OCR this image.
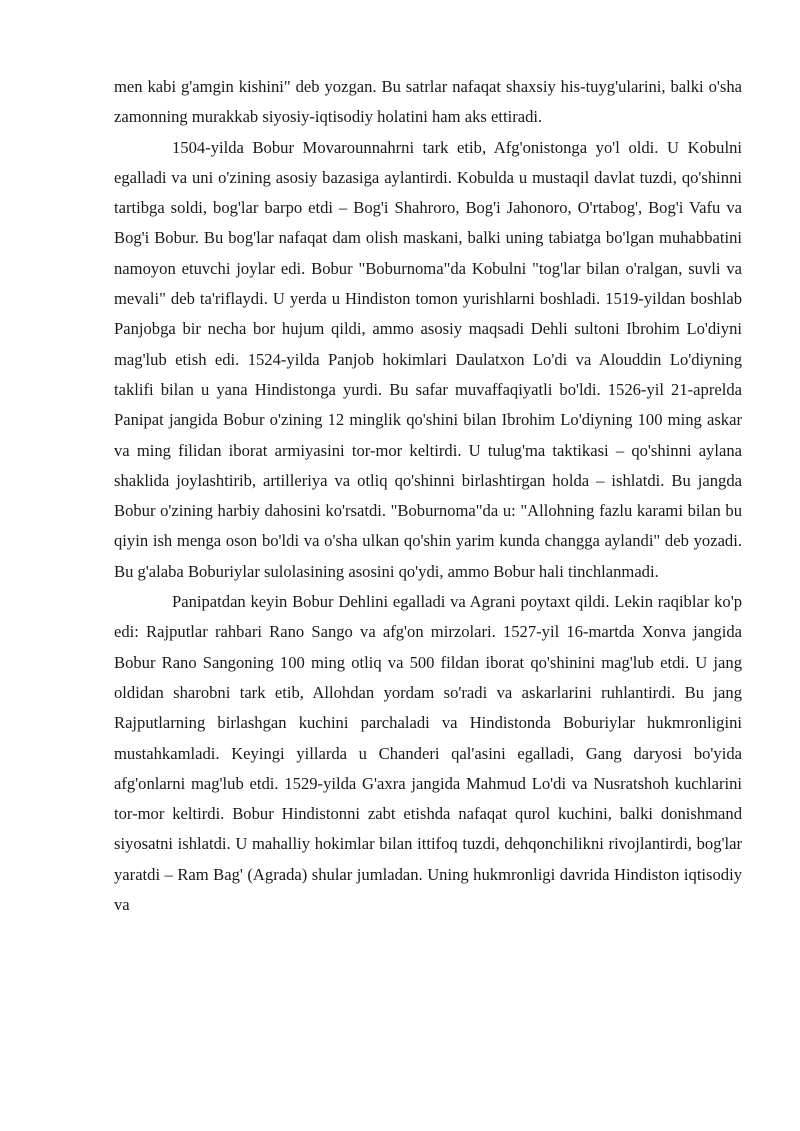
men kabi g'amgin kishini" deb yozgan. Bu satrlar nafaqat shaxsiy his-tuyg'ularini, balki o'sha zamonning murakkab siyosiy-iqtisodiy holatini ham aks ettiradi.

1504-yilda Bobur Movarounnahrni tark etib, Afg'onistonga yo'l oldi. U Kobulni egalladi va uni o'zining asosiy bazasiga aylantirdi. Kobulda u mustaqil davlat tuzdi, qo'shinni tartibga soldi, bog'lar barpo etdi – Bog'i Shahroro, Bog'i Jahonoro, O'rtabog', Bog'i Vafu va Bog'i Bobur. Bu bog'lar nafaqat dam olish maskani, balki uning tabiatga bo'lgan muhabbatini namoyon etuvchi joylar edi. Bobur "Boburnoma"da Kobulni "tog'lar bilan o'ralgan, suvli va mevali" deb ta'riflaydi. U yerda u Hindiston tomon yurishlarni boshladi. 1519-yildan boshlab Panjobga bir necha bor hujum qildi, ammo asosiy maqsadi Dehli sultoni Ibrohim Lo'diyni mag'lub etish edi. 1524-yilda Panjob hokimlari Daulatxon Lo'di va Alouddin Lo'diyning taklifi bilan u yana Hindistonga yurdi. Bu safar muvaffaqiyatli bo'ldi. 1526-yil 21-aprelda Panipat jangida Bobur o'zining 12 minglik qo'shini bilan Ibrohim Lo'diyning 100 ming askar va ming filidan iborat armiyasini tor-mor keltirdi. U tulug'ma taktikasi – qo'shinni aylana shaklida joylashtirib, artilleriya va otliq qo'shinni birlashtirgan holda – ishlatdi. Bu jangda Bobur o'zining harbiy dahosini ko'rsatdi. "Boburnoma"da u: "Allohning fazlu karami bilan bu qiyin ish menga oson bo'ldi va o'sha ulkan qo'shin yarim kunda changga aylandi" deb yozadi. Bu g'alaba Boburiylar sulolasining asosini qo'ydi, ammo Bobur hali tinchlanmadi.

Panipatdan keyin Bobur Dehlini egalladi va Agrani poytaxt qildi. Lekin raqiblar ko'p edi: Rajputlar rahbari Rano Sango va afg'on mirzolari. 1527-yil 16-martda Xonva jangida Bobur Rano Sangoning 100 ming otliq va 500 fildan iborat qo'shinini mag'lub etdi. U jang oldidan sharobni tark etib, Allohdan yordam so'radi va askarlarini ruhlantirdi. Bu jang Rajputlarning birlashgan kuchini parchaladi va Hindistonda Boburiylar hukmronligini mustahkamladi. Keyingi yillarda u Chanderi qal'asini egalladi, Gang daryosi bo'yida afg'onlarni mag'lub etdi. 1529-yilda G'axra jangida Mahmud Lo'di va Nusratshoh kuchlarini tor-mor keltirdi. Bobur Hindistonni zabt etishda nafaqat qurol kuchini, balki donishmand siyosatni ishlatdi. U mahalliy hokimlar bilan ittifoq tuzdi, dehqonchilikni rivojlantirdi, bog'lar yaratdi – Ram Bag' (Agrada) shular jumladan. Uning hukmronligi davrida Hindiston iqtisodiy va
